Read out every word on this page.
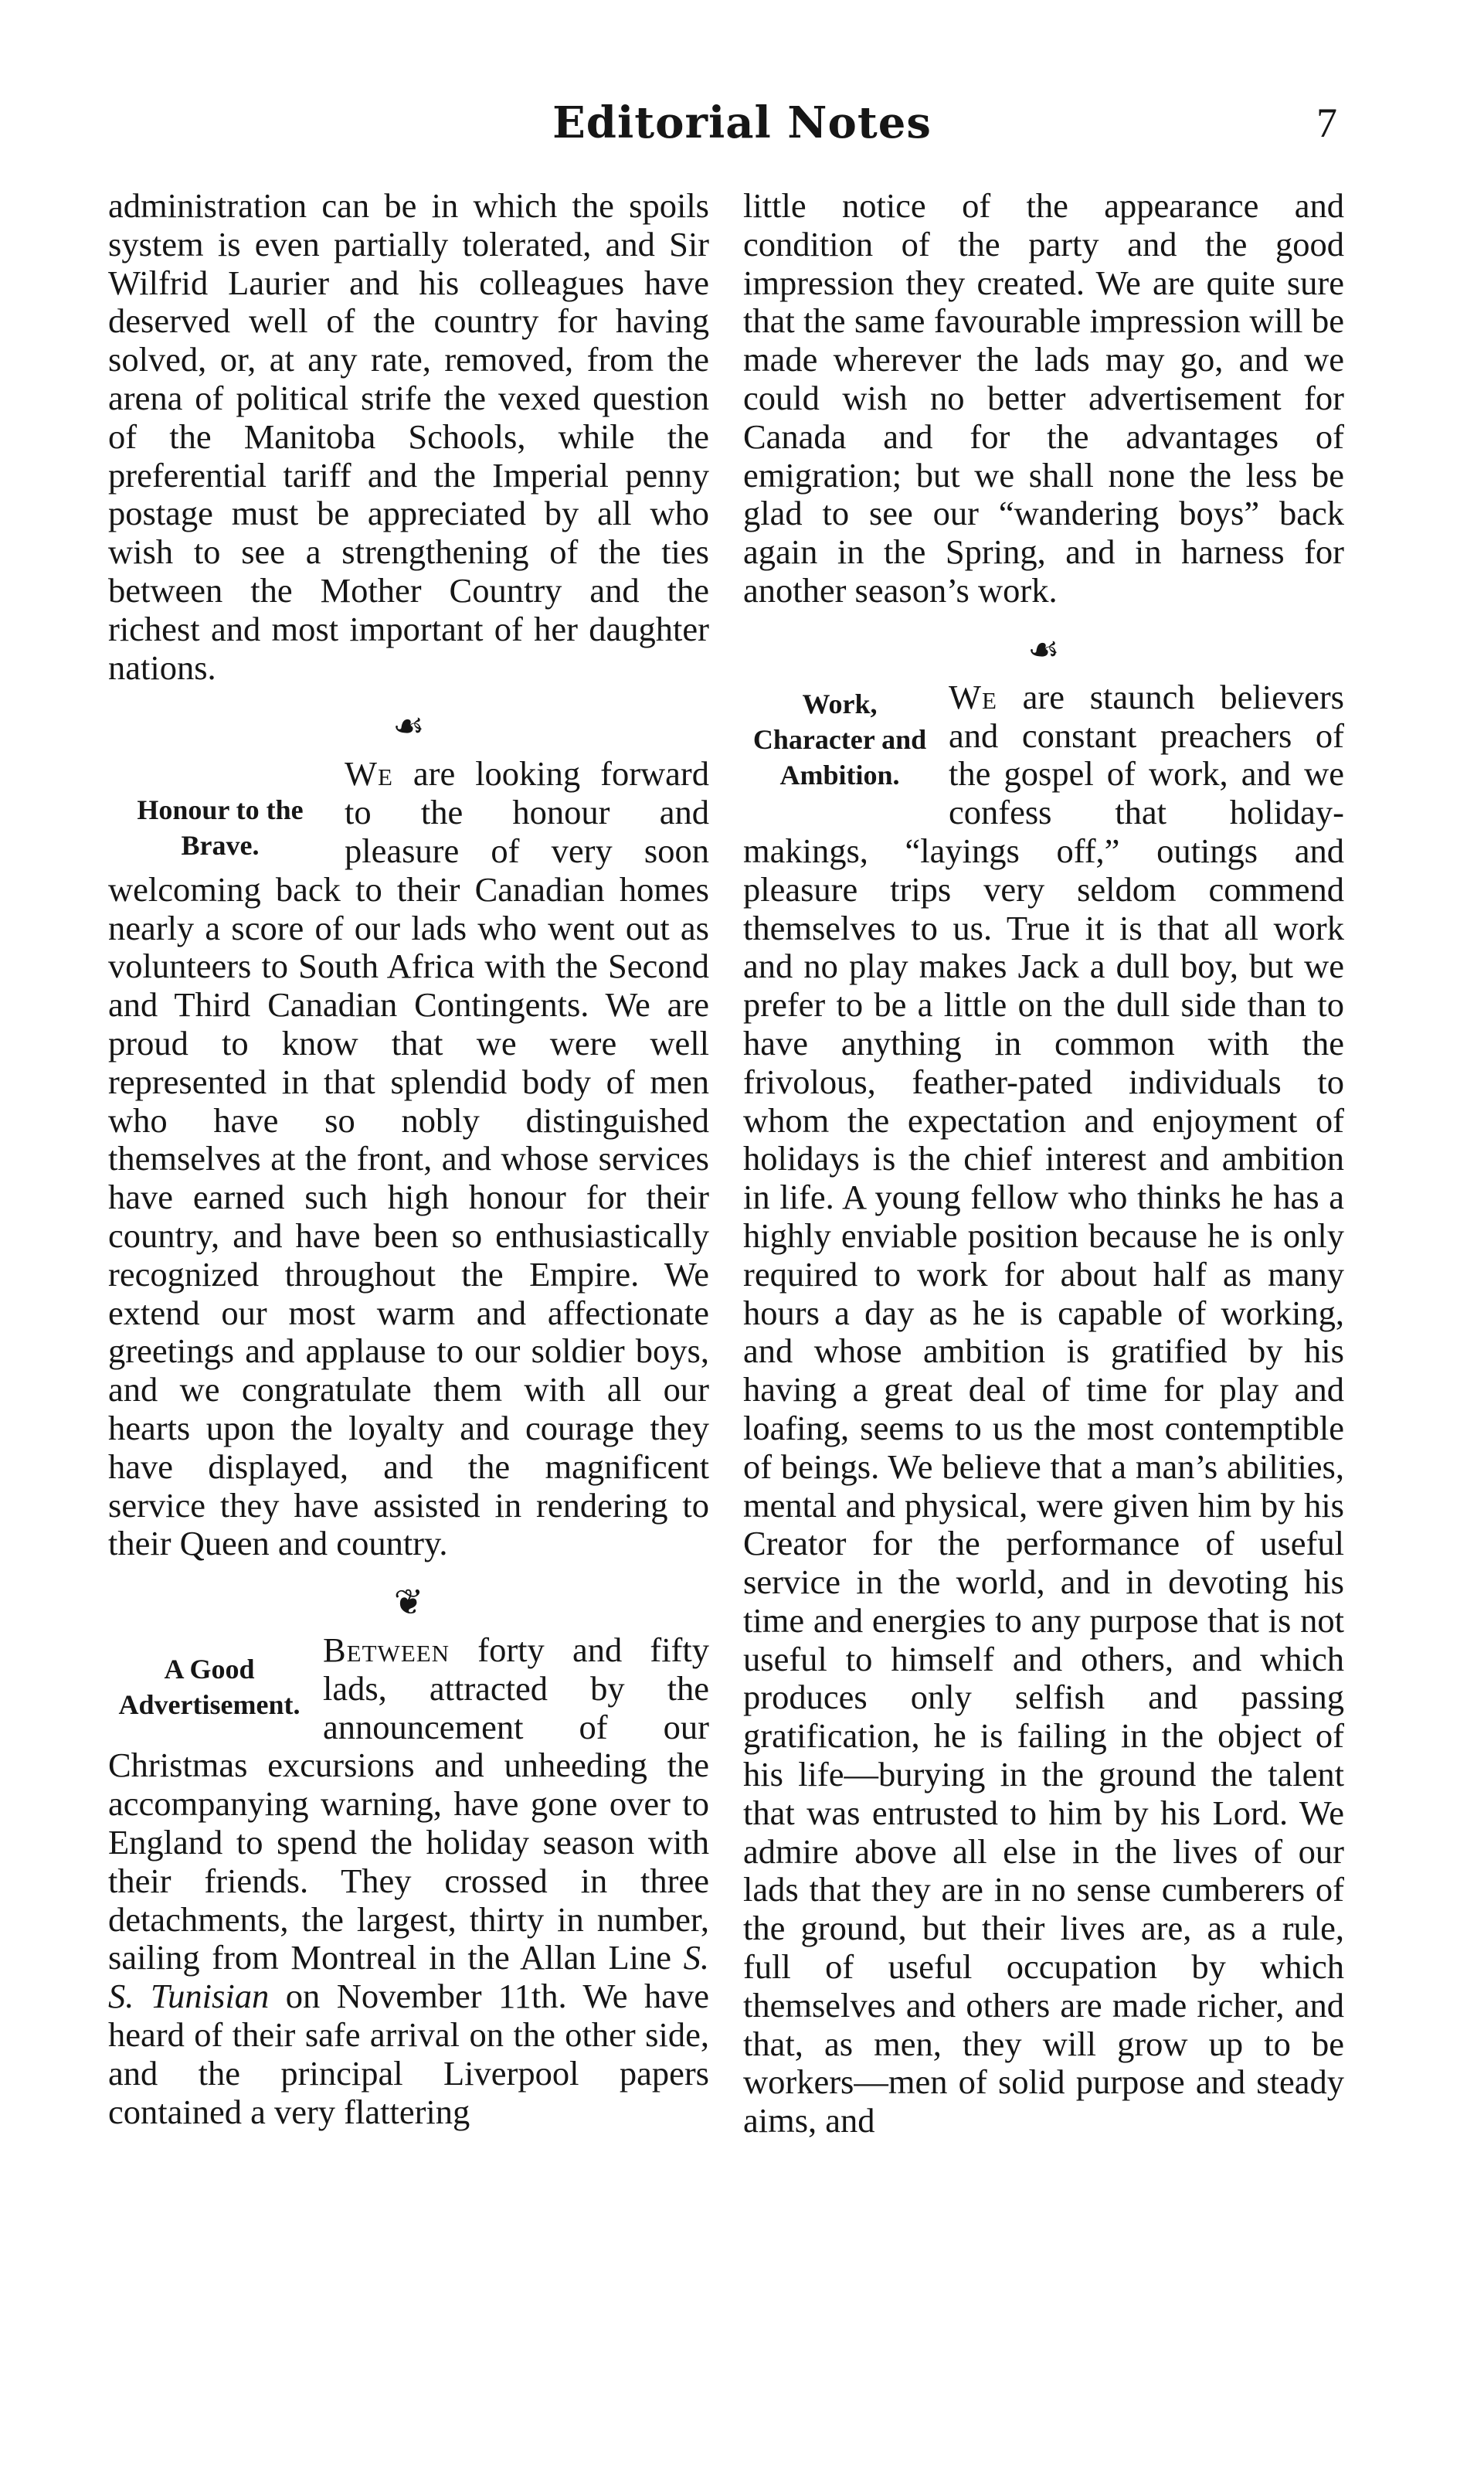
Editorial Notes	7

administration can be in which the spoils system is even partially tolerated, and Sir Wilfrid Laurier and his colleagues have deserved well of the country for having solved, or, at any rate, removed, from the arena of political strife the vexed question of the Manitoba Schools, while the preferential tariff and the Imperial penny postage must be appreciated by all who wish to see a strengthening of the ties between the Mother Country and the richest and most important of her daughter nations.

☙
Honour to the Brave.

We are looking forward to the honour and pleasure of very soon welcoming back to their Canadian homes nearly a score of our lads who went out as volunteers to South Africa with the Second and Third Canadian Contingents. We are proud to know that we were well represented in that splendid body of men who have so nobly distinguished themselves at the front, and whose services have earned such high honour for their country, and have been so enthusiastically recognized throughout the Empire. We extend our most warm and affectionate greetings and applause to our soldier boys, and we congratulate them with all our hearts upon the loyalty and courage they have displayed, and the magnificent service they have assisted in rendering to their Queen and country.

❦
A Good Advertisement.

Between forty and fifty lads, attracted by the announcement of our Christmas excursions and unheeding the accompanying warning, have gone over to England to spend the holiday season with their friends. They crossed in three detachments, the largest, thirty in number, sailing from Montreal in the Allan Line S. S. Tunisian on November 11th. We have heard of their safe arrival on the other side, and the principal Liverpool papers contained a very flattering

little notice of the appearance and condition of the party and the good impression they created. We are quite sure that the same favourable impression will be made wherever the lads may go, and we could wish no better advertisement for Canada and for the advantages of emigration; but we shall none the less be glad to see our “wandering boys” back again in the Spring, and in harness for another season’s work.

☙
Work, Character and Ambition.

We are staunch believers and constant preachers of the gospel of work, and we confess that holiday-makings, “layings off,” outings and pleasure trips very seldom commend themselves to us. True it is that all work and no play makes Jack a dull boy, but we prefer to be a little on the dull side than to have anything in common with the frivolous, feather-pated individuals to whom the expectation and enjoyment of holidays is the chief interest and ambition in life. A young fellow who thinks he has a highly enviable position because he is only required to work for about half as many hours a day as he is capable of working, and whose ambition is gratified by his having a great deal of time for play and loafing, seems to us the most contemptible of beings. We believe that a man’s abilities, mental and physical, were given him by his Creator for the performance of useful service in the world, and in devoting his time and energies to any purpose that is not useful to himself and others, and which produces only selfish and passing gratification, he is failing in the object of his life—burying in the ground the talent that was entrusted to him by his Lord. We admire above all else in the lives of our lads that they are in no sense cumberers of the ground, but their lives are, as a rule, full of useful occupation by which themselves and others are made richer, and that, as men, they will grow up to be workers—men of solid purpose and steady aims, and
